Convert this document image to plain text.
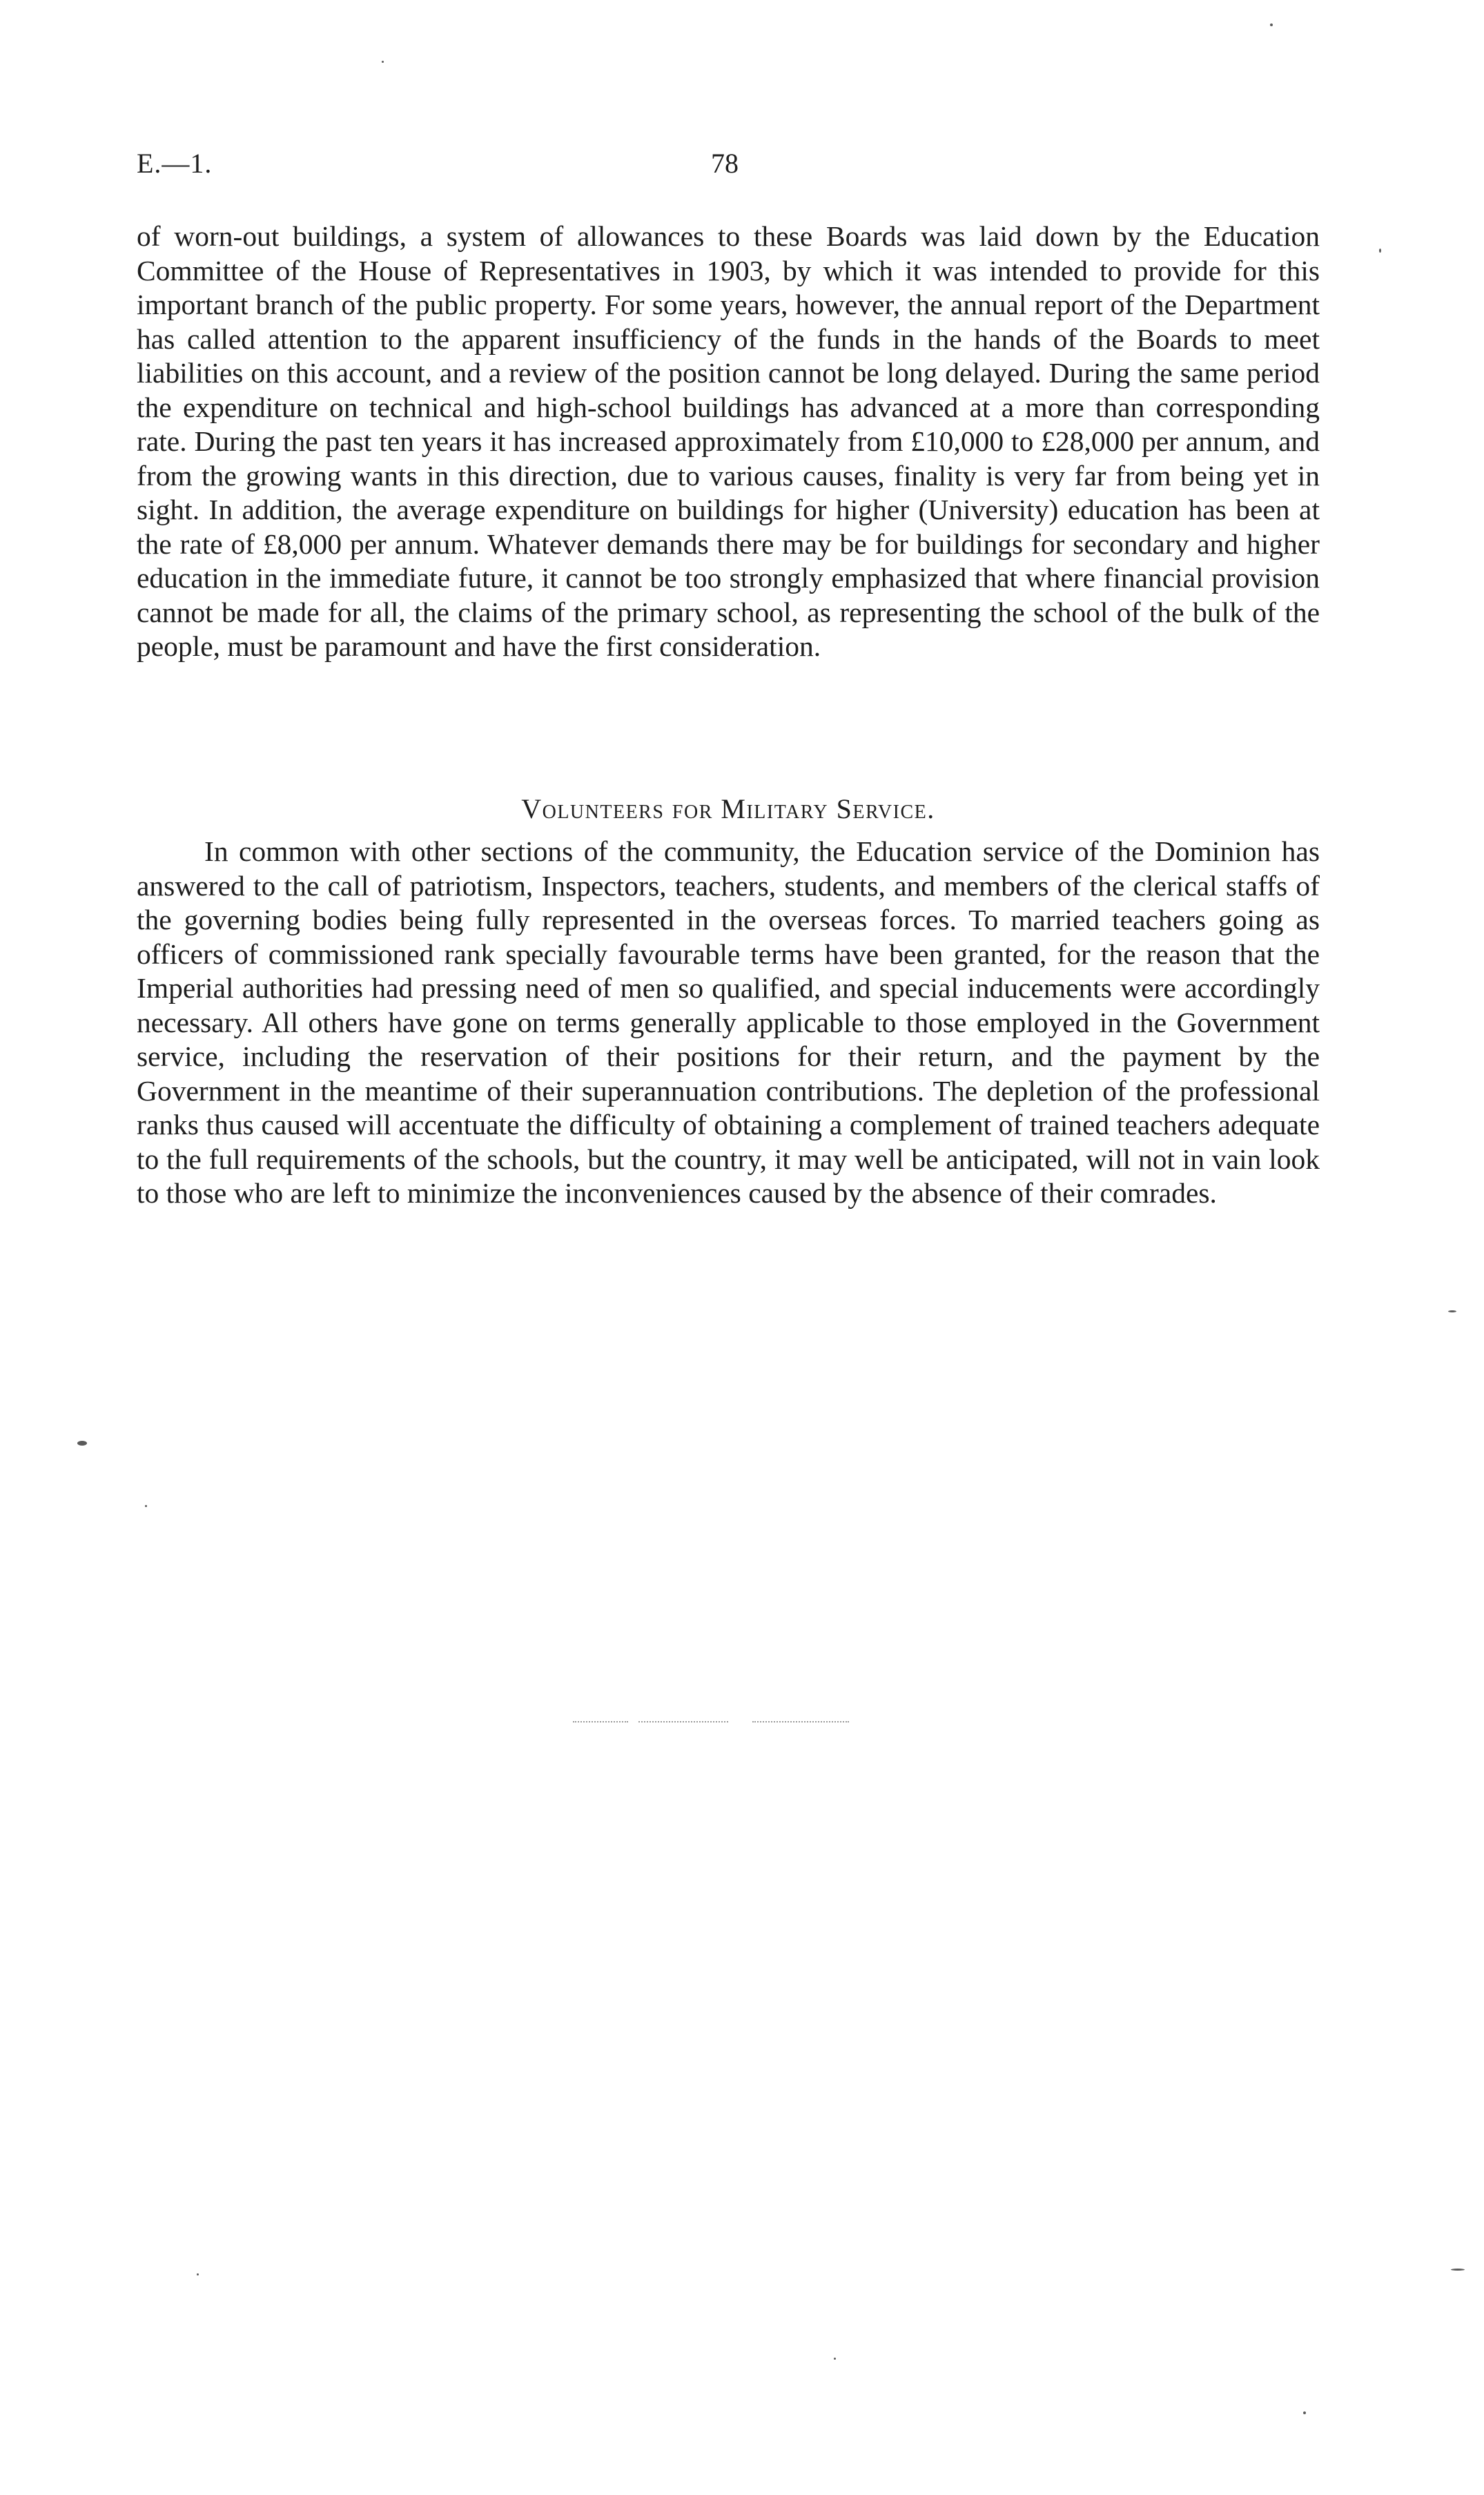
E.—1.	78

of worn-out buildings, a system of allowances to these Boards was laid down by the Education Committee of the House of Representatives in 1903, by which it was intended to provide for this important branch of the public property. For some years, however, the annual report of the Department has called attention to the apparent insufficiency of the funds in the hands of the Boards to meet liabilities on this account, and a review of the position cannot be long delayed. During the same period the expenditure on technical and high-school buildings has advanced at a more than corresponding rate. During the past ten years it has increased approximately from £10,000 to £28,000 per annum, and from the growing wants in this direction, due to various causes, finality is very far from being yet in sight. In addition, the average expenditure on buildings for higher (University) education has been at the rate of £8,000 per annum. Whatever demands there may be for buildings for secondary and higher education in the immediate future, it cannot be too strongly emphasized that where financial provision cannot be made for all, the claims of the primary school, as representing the school of the bulk of the people, must be paramount and have the first consideration.

Volunteers for Military Service.

In common with other sections of the community, the Education service of the Dominion has answered to the call of patriotism, Inspectors, teachers, students, and members of the clerical staffs of the governing bodies being fully represented in the overseas forces. To married teachers going as officers of commissioned rank specially favourable terms have been granted, for the reason that the Imperial authorities had pressing need of men so qualified, and special inducements were accordingly necessary. All others have gone on terms generally applicable to those employed in the Government service, including the reservation of their positions for their return, and the payment by the Government in the meantime of their superannuation contributions. The depletion of the professional ranks thus caused will accentuate the difficulty of obtaining a complement of trained teachers adequate to the full requirements of the schools, but the country, it may well be anticipated, will not in vain look to those who are left to minimize the inconveniences caused by the absence of their comrades.
